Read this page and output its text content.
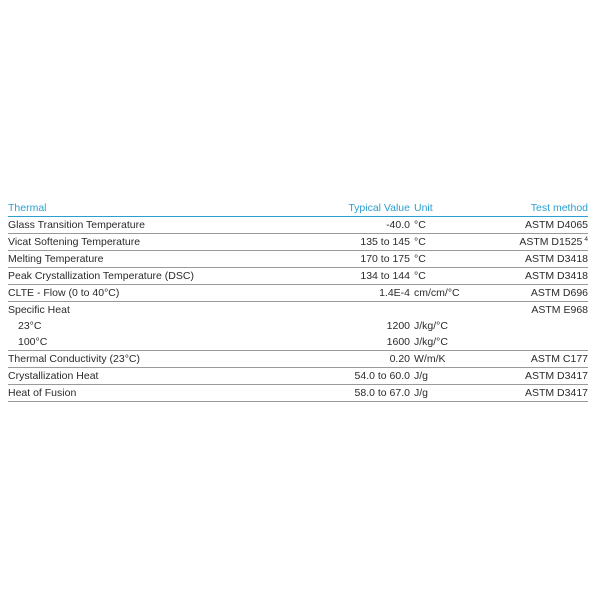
Thermal	Typical Value	Unit	Test method
Glass Transition Temperature	-40.0	°C	ASTM D4065
Vicat Softening Temperature	135 to 145	°C	ASTM D1525 $^4$
Melting Temperature	170 to 175	°C	ASTM D3418
Peak Crystallization Temperature (DSC)	134 to 144	°C	ASTM D3418
CLTE - Flow (0 to 40°C)	1.4E-4	cm/cm/°C	ASTM D696
Specific Heat			ASTM E968
23°C	1200	J/kg/°C	
100°C	1600	J/kg/°C	
Thermal Conductivity (23°C)	0.20	W/m/K	ASTM C177
Crystallization Heat	54.0 to 60.0	J/g	ASTM D3417
Heat of Fusion	58.0 to 67.0	J/g	ASTM D3417
